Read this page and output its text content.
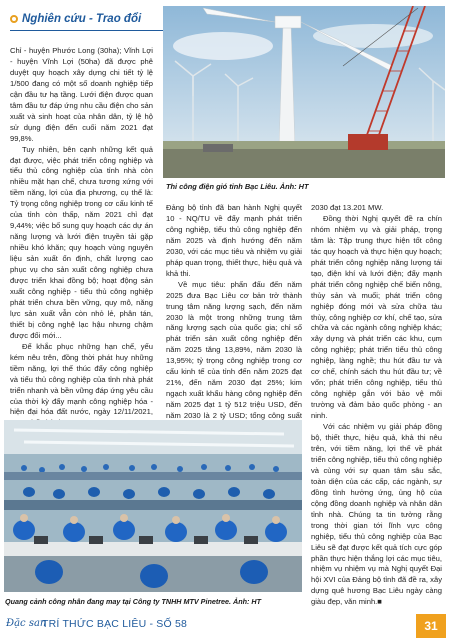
Nghiên cứu - Trao đổi

Chỉ - huyện Phước Long (30ha); Vĩnh Lợi - huyện Vĩnh Lợi (50ha) đã được phê duyệt quy hoạch xây dựng chi tiết tỷ lệ 1/500 đang có một số doanh nghiệp tiếp cận đầu tư hạ tầng. Lưới điện được quan tâm đầu tư đáp ứng nhu cầu điện cho sản xuất và sinh hoạt của nhân dân, tỷ lệ hộ sử dụng điện đến cuối năm 2021 đạt 99,8%.

Tuy nhiên, bên cạnh những kết quả đạt được, việc phát triển công nghiệp và tiểu thủ công nghiệp của tỉnh nhà còn nhiều mặt hạn chế, chưa tương xứng với tiềm năng, lợi của địa phương, cụ thể là: Tỷ trọng công nghiệp trong cơ cấu kinh tế của tỉnh còn thấp, năm 2021 chỉ đạt 9,44%; việc bố sung quy hoạch các dự án năng lượng và lưới điện truyền tải gặp nhiều khó khăn; quy hoạch vùng nguyên liệu sản xuất ổn định, chất lượng cao phục vụ cho sản xuất công nghiệp chưa được triển khai đồng bộ; hoạt động sản xuất công nghiệp - tiểu thủ công nghiệp phát triển chưa bền vững, quy mô, năng lực sản xuất vẫn còn nhỏ lẻ, phân tán, thiết bị công nghệ lạc hậu nhưng chậm được đổi mới...

Để khắc phục những hạn chế, yếu kém nêu trên, đồng thời phát huy những tiềm năng, lợi thế thúc đẩy công nghiệp và tiểu thủ công nghiệp của tỉnh nhà phát triển nhanh và bền vững đáp ứng yêu cầu của thời kỳ đẩy mạnh công nghiệp hóa - hiện đại hóa đất nước, ngày 12/11/2021,

Thi công điện gió tỉnh Bạc Liêu. Ảnh: HT

Đảng bộ tỉnh đã ban hành Nghị quyết 10 - NQ/TU về đẩy mạnh phát triển công nghiệp, tiểu thủ công nghiệp đến năm 2025 và định hướng đến năm 2030, với các mục tiêu và nhiệm vụ giải pháp quan trọng, thiết thực, hiệu quả và khả thi.

Về mục tiêu: phấn đấu đến năm 2025 đưa Bạc Liêu cơ bản trở thành trung tâm năng lượng sạch, đến năm 2030 là một trong những trung tâm năng lượng sạch của quốc gia; chỉ số phát triển sản xuất công nghiệp đến năm 2025 tăng 13,89%, năm 2030 là 13,95%; tỷ trọng công nghiệp trong cơ cấu kinh tế của tỉnh đến năm 2025 đạt 21%, đến năm 2030 đạt 25%; kim ngạch xuất khẩu hàng công nghiệp đến năm 2025 đạt 1 tỷ 512 triệu USD, đến năm 2030 là 2 tỷ USD; tổng công suất

2030 đạt 13.201 MW.

Đồng thời Nghị quyết đề ra chín nhóm nhiệm vụ và giải pháp, trọng tâm là: Tập trung thực hiện tốt công tác quy hoạch và thực hiện quy hoạch; phát triển công nghiệp năng lượng tái tạo, điện khí và lưới điện; đẩy mạnh phát triển công nghiệp chế biến nông, thủy sản và muối; phát triển công nghiệp đóng mới và sửa chữa tàu thủy, công nghiệp cơ khí, chế tạo, sửa chữa và các ngành công nghiệp khác; xây dựng và phát triển các khu, cụm công nghiệp; phát triển tiểu thủ công nghiệp, làng nghề; thu hút đầu tư và cơ chế, chính sách thu hút đầu tư; về vốn; phát triển công nghiệp, tiểu thủ công nghiệp gắn với bảo vệ môi trường và đảm bảo quốc phòng - an ninh.

Với các nhiệm vụ giải pháp đồng bộ, thiết thực, hiệu quả, khả thi nêu trên, với tiềm năng, lợi thế về phát triển công nghiệp, tiểu thủ công nghiệp và cùng với sự quan tâm sâu sắc, toàn diện của các cấp, các ngành, sự đồng tình hưởng ứng, ủng hộ của cộng đồng doanh nghiệp và nhân dân tỉnh nhà. Chúng ta tin tưởng rằng trong thời gian tới lĩnh vực công nghiệp, tiểu thủ công nghiệp của Bạc Liêu sẽ đạt được kết quả tích cực góp phần thực hiện thắng lợi các mục tiêu, nhiệm vụ nhiệm vụ mà Nghị quyết Đại hội XVI của Đảng bộ tỉnh đã đề ra, xây dựng quê hương Bạc Liêu ngày càng giàu đẹp, văn minh.■

Quang cảnh công nhân đang may tại Công ty TNHH MTV Pinetree. Ảnh: HT
Đặc san
TRÍ THỨC BẠC LIÊU - SỐ 58	31
